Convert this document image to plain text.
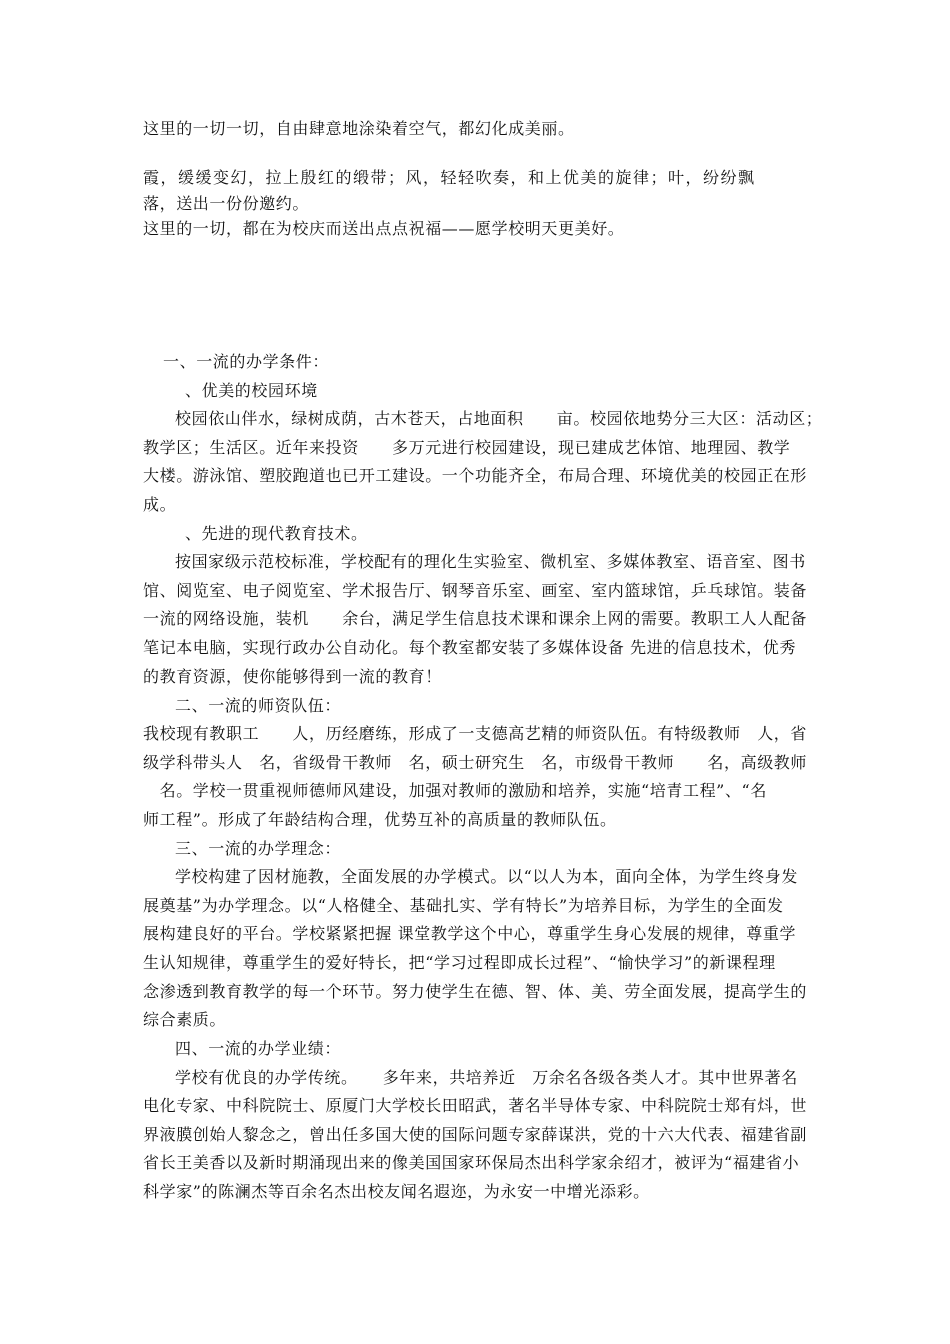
这里的一切一切，自由肆意地涂染着空气，都幻化成美丽。
霞，缓缓变幻，拉上殷红的缎带；风，轻轻吹奏，和上优美的旋律；叶，纷纷飘
落，送出一份份邀约。
这里的一切，都在为校庆而送出点点祝福——愿学校明天更美好。
一、一流的办学条件：
、优美的校园环境
校园依山伴水，绿树成荫，古木苍天，占地面积　　亩。校园依地势分三大区：活动区；
教学区；生活区。近年来投资　　多万元进行校园建设，现已建成艺体馆、地理园、教学
大楼。游泳馆、塑胶跑道也已开工建设。一个功能齐全，布局合理、环境优美的校园正在形
成。
、先进的现代教育技术。
按国家级示范校标准，学校配有的理化生实验室、微机室、多媒体教室、语音室、图书
馆、阅览室、电子阅览室、学术报告厅、钢琴音乐室、画室、室内篮球馆，乒乓球馆。装备
一流的网络设施，装机　　余台，满足学生信息技术课和课余上网的需要。教职工人人配备
笔记本电脑，实现行政办公自动化。每个教室都安装了多媒体设备 先进的信息技术，优秀
的教育资源，使你能够得到一流的教育！
二、一流的师资队伍：
我校现有教职工　　人，历经磨练，形成了一支德高艺精的师资队伍。有特级教师　人，省
级学科带头人　名，省级骨干教师　名，硕士研究生　名，市级骨干教师　　名，高级教师
　名。学校一贯重视师德师风建设，加强对教师的激励和培养，实施“培青工程”、“名
师工程”。形成了年龄结构合理，优势互补的高质量的教师队伍。
三、一流的办学理念：
学校构建了因材施教，全面发展的办学模式。以“以人为本，面向全体，为学生终身发
展奠基”为办学理念。以“人格健全、基础扎实、学有特长”为培养目标，为学生的全面发
展构建良好的平台。学校紧紧把握 课堂教学这个中心，尊重学生身心发展的规律，尊重学
生认知规律，尊重学生的爱好特长，把“学习过程即成长过程”、“愉快学习”的新课程理
念渗透到教育教学的每一个环节。努力使学生在德、智、体、美、劳全面发展，提高学生的
综合素质。
四、一流的办学业绩：
学校有优良的办学传统。　　多年来，共培养近　万余名各级各类人才。其中世界著名
电化专家、中科院院士、原厦门大学校长田昭武，著名半导体专家、中科院院士郑有炓，世
界液膜创始人黎念之，曾出任多国大使的国际问题专家薛谋洪，党的十六大代表、福建省副
省长王美香以及新时期涌现出来的像美国国家环保局杰出科学家余绍才，被评为“福建省小
科学家”的陈澜杰等百余名杰出校友闻名遐迩，为永安一中增光添彩。
